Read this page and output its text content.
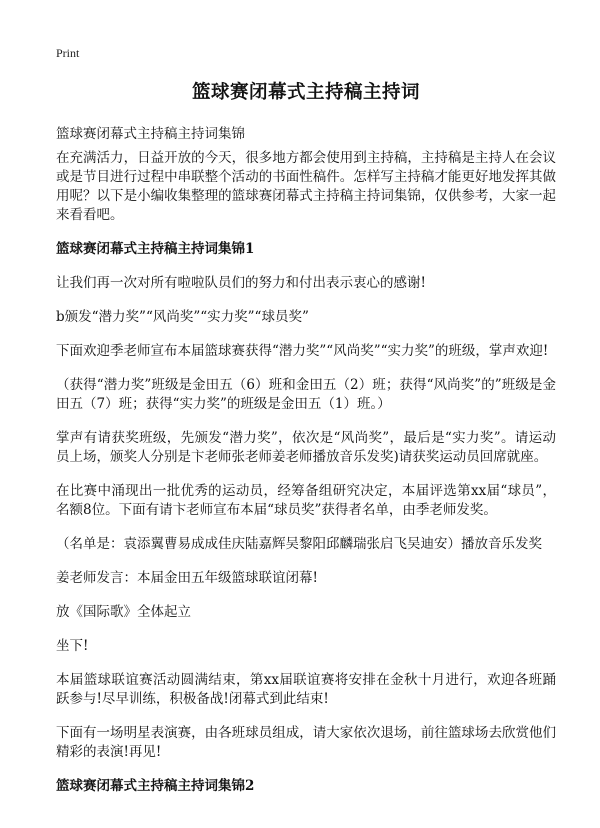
Print
篮球赛闭幕式主持稿主持词

篮球赛闭幕式主持稿主持词集锦

在充满活力，日益开放的今天，很多地方都会使用到主持稿，主持稿是主持人在会议或是节目进行过程中串联整个活动的书面性稿件。怎样写主持稿才能更好地发挥其做用呢？以下是小编收集整理的篮球赛闭幕式主持稿主持词集锦，仅供参考，大家一起来看看吧。

篮球赛闭幕式主持稿主持词集锦1

让我们再一次对所有啦啦队员们的努力和付出表示衷心的感谢!

b颁发“潜力奖”“风尚奖”“实力奖”“球员奖”

下面欢迎季老师宣布本届篮球赛获得“潜力奖”“风尚奖”“实力奖”的班级，掌声欢迎!

（获得“潜力奖”班级是金田五（6）班和金田五（2）班；获得“风尚奖”的”班级是金田五（7）班；获得“实力奖”的班级是金田五（1）班。）

掌声有请获奖班级，先颁发“潜力奖”，依次是“风尚奖”，最后是“实力奖”。请运动员上场，颁奖人分别是卞老师张老师姜老师播放音乐发奖)请获奖运动员回席就座。

在比赛中涌现出一批优秀的运动员，经筹备组研究决定，本届评选第xx届“球员”，名额8位。下面有请卞老师宣布本届“球员奖”获得者名单，由季老师发奖。

（名单是：袁添翼曹易成成佳庆陆嘉辉吴黎阳邱麟瑞张启飞吴迪安）播放音乐发奖

姜老师发言：本届金田五年级篮球联谊闭幕!

放《国际歌》全体起立

坐下!

本届篮球联谊赛活动圆满结束，第xx届联谊赛将安排在金秋十月进行，欢迎各班踊跃参与!尽早训练，积极备战!闭幕式到此结束!

下面有一场明星表演赛，由各班球员组成，请大家依次退场，前往篮球场去欣赏他们精彩的表演!再见!

篮球赛闭幕式主持稿主持词集锦2
